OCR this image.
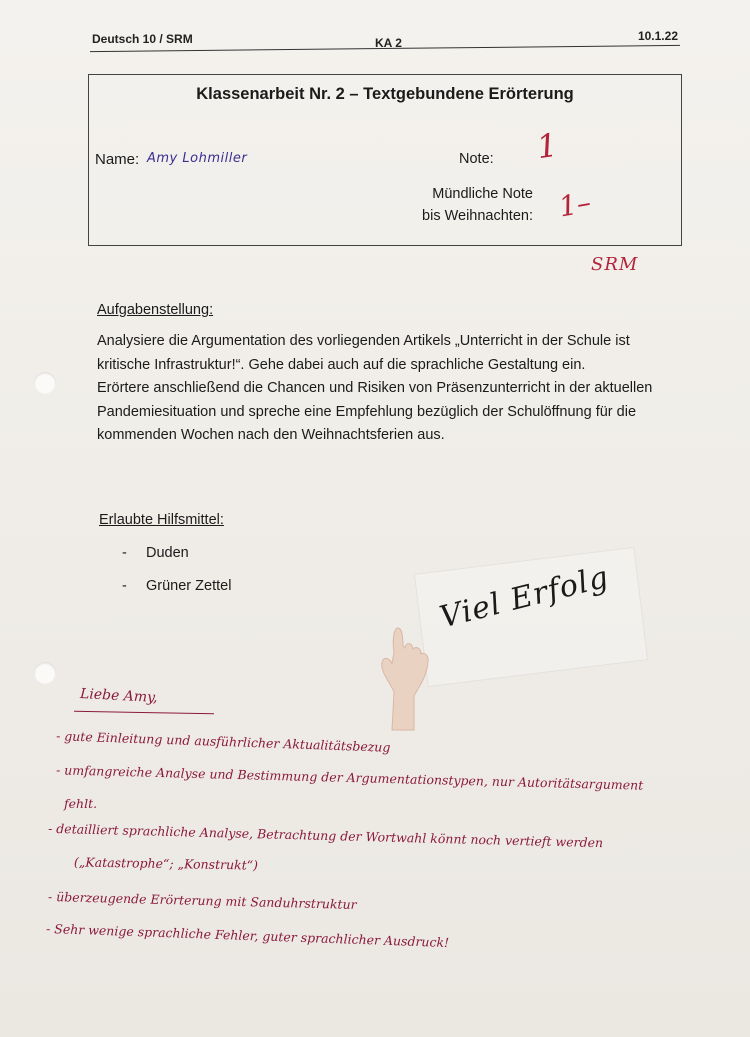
Deutsch 10 / SRM	KA 2	10.1.22
Klassenarbeit Nr. 2 – Textgebundene Erörterung
Name: Amy Lohmiller	Note: 1
Mündliche Note
bis Weihnachten: 1–
SRM
Aufgabenstellung:

Analysiere die Argumentation des vorliegenden Artikels „Unterricht in der Schule ist kritische Infrastruktur!“. Gehe dabei auch auf die sprachliche Gestaltung ein.

Erörtere anschließend die Chancen und Risiken von Präsenzunterricht in der aktuellen Pandemiesituation und spreche eine Empfehlung bezüglich der Schulöffnung für die kommenden Wochen nach den Weihnachtsferien aus.

Erlaubte Hilfsmittel:
- Duden
- Grüner Zettel	Viel Erfolg
Liebe Amy,
- gute Einleitung und ausführlicher Aktualitätsbezug
- umfangreiche Analyse und Bestimmung der Argumentationstypen, nur Autoritätsargument
fehlt.
- detailliert sprachliche Analyse, Betrachtung der Wortwahl könnt noch vertieft werden
(„Katastrophe“; „Konstrukt“)
- überzeugende Erörterung mit Sanduhrstruktur
- Sehr wenige sprachliche Fehler, guter sprachlicher Ausdruck!
